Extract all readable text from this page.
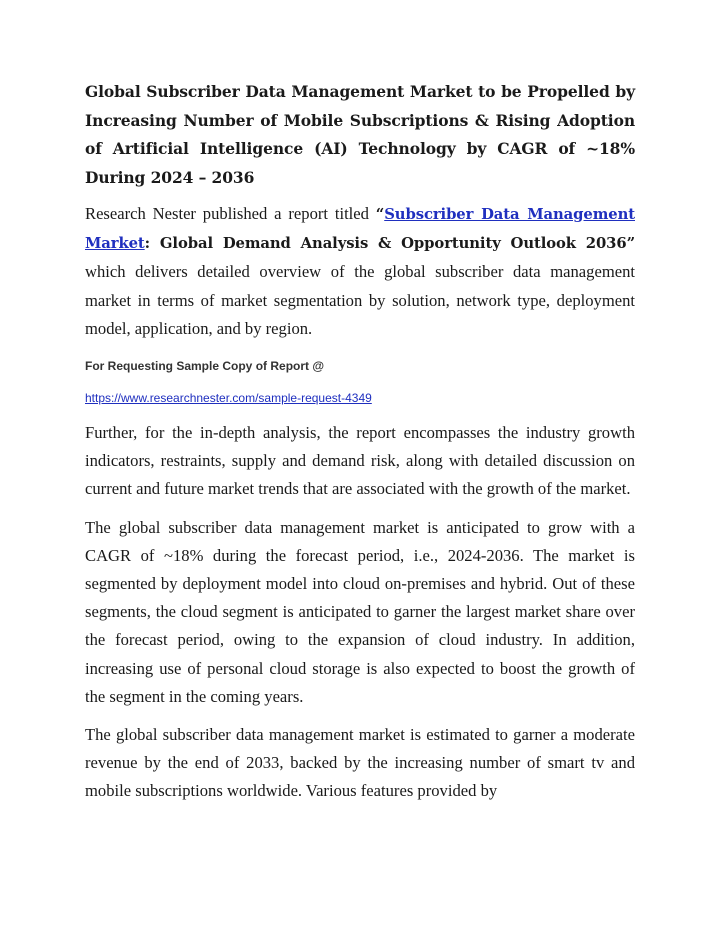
Global Subscriber Data Management Market to be Propelled by Increasing Number of Mobile Subscriptions & Rising Adoption of Artificial Intelligence (AI) Technology by CAGR of ~18% During 2024 – 2036

Research Nester published a report titled “Subscriber Data Management Market: Global Demand Analysis & Opportunity Outlook 2036” which delivers detailed overview of the global subscriber data management market in terms of market segmentation by solution, network type, deployment model, application, and by region.

For Requesting Sample Copy of Report @
https://www.researchnester.com/sample-request-4349

Further, for the in-depth analysis, the report encompasses the industry growth indicators, restraints, supply and demand risk, along with detailed discussion on current and future market trends that are associated with the growth of the market.

The global subscriber data management market is anticipated to grow with a CAGR of ~18% during the forecast period, i.e., 2024-2036. The market is segmented by deployment model into cloud on-premises and hybrid. Out of these segments, the cloud segment is anticipated to garner the largest market share over the forecast period, owing to the expansion of cloud industry. In addition, increasing use of personal cloud storage is also expected to boost the growth of the segment in the coming years.

The global subscriber data management market is estimated to garner a moderate revenue by the end of 2033, backed by the increasing number of smart tv and mobile subscriptions worldwide. Various features provided by
